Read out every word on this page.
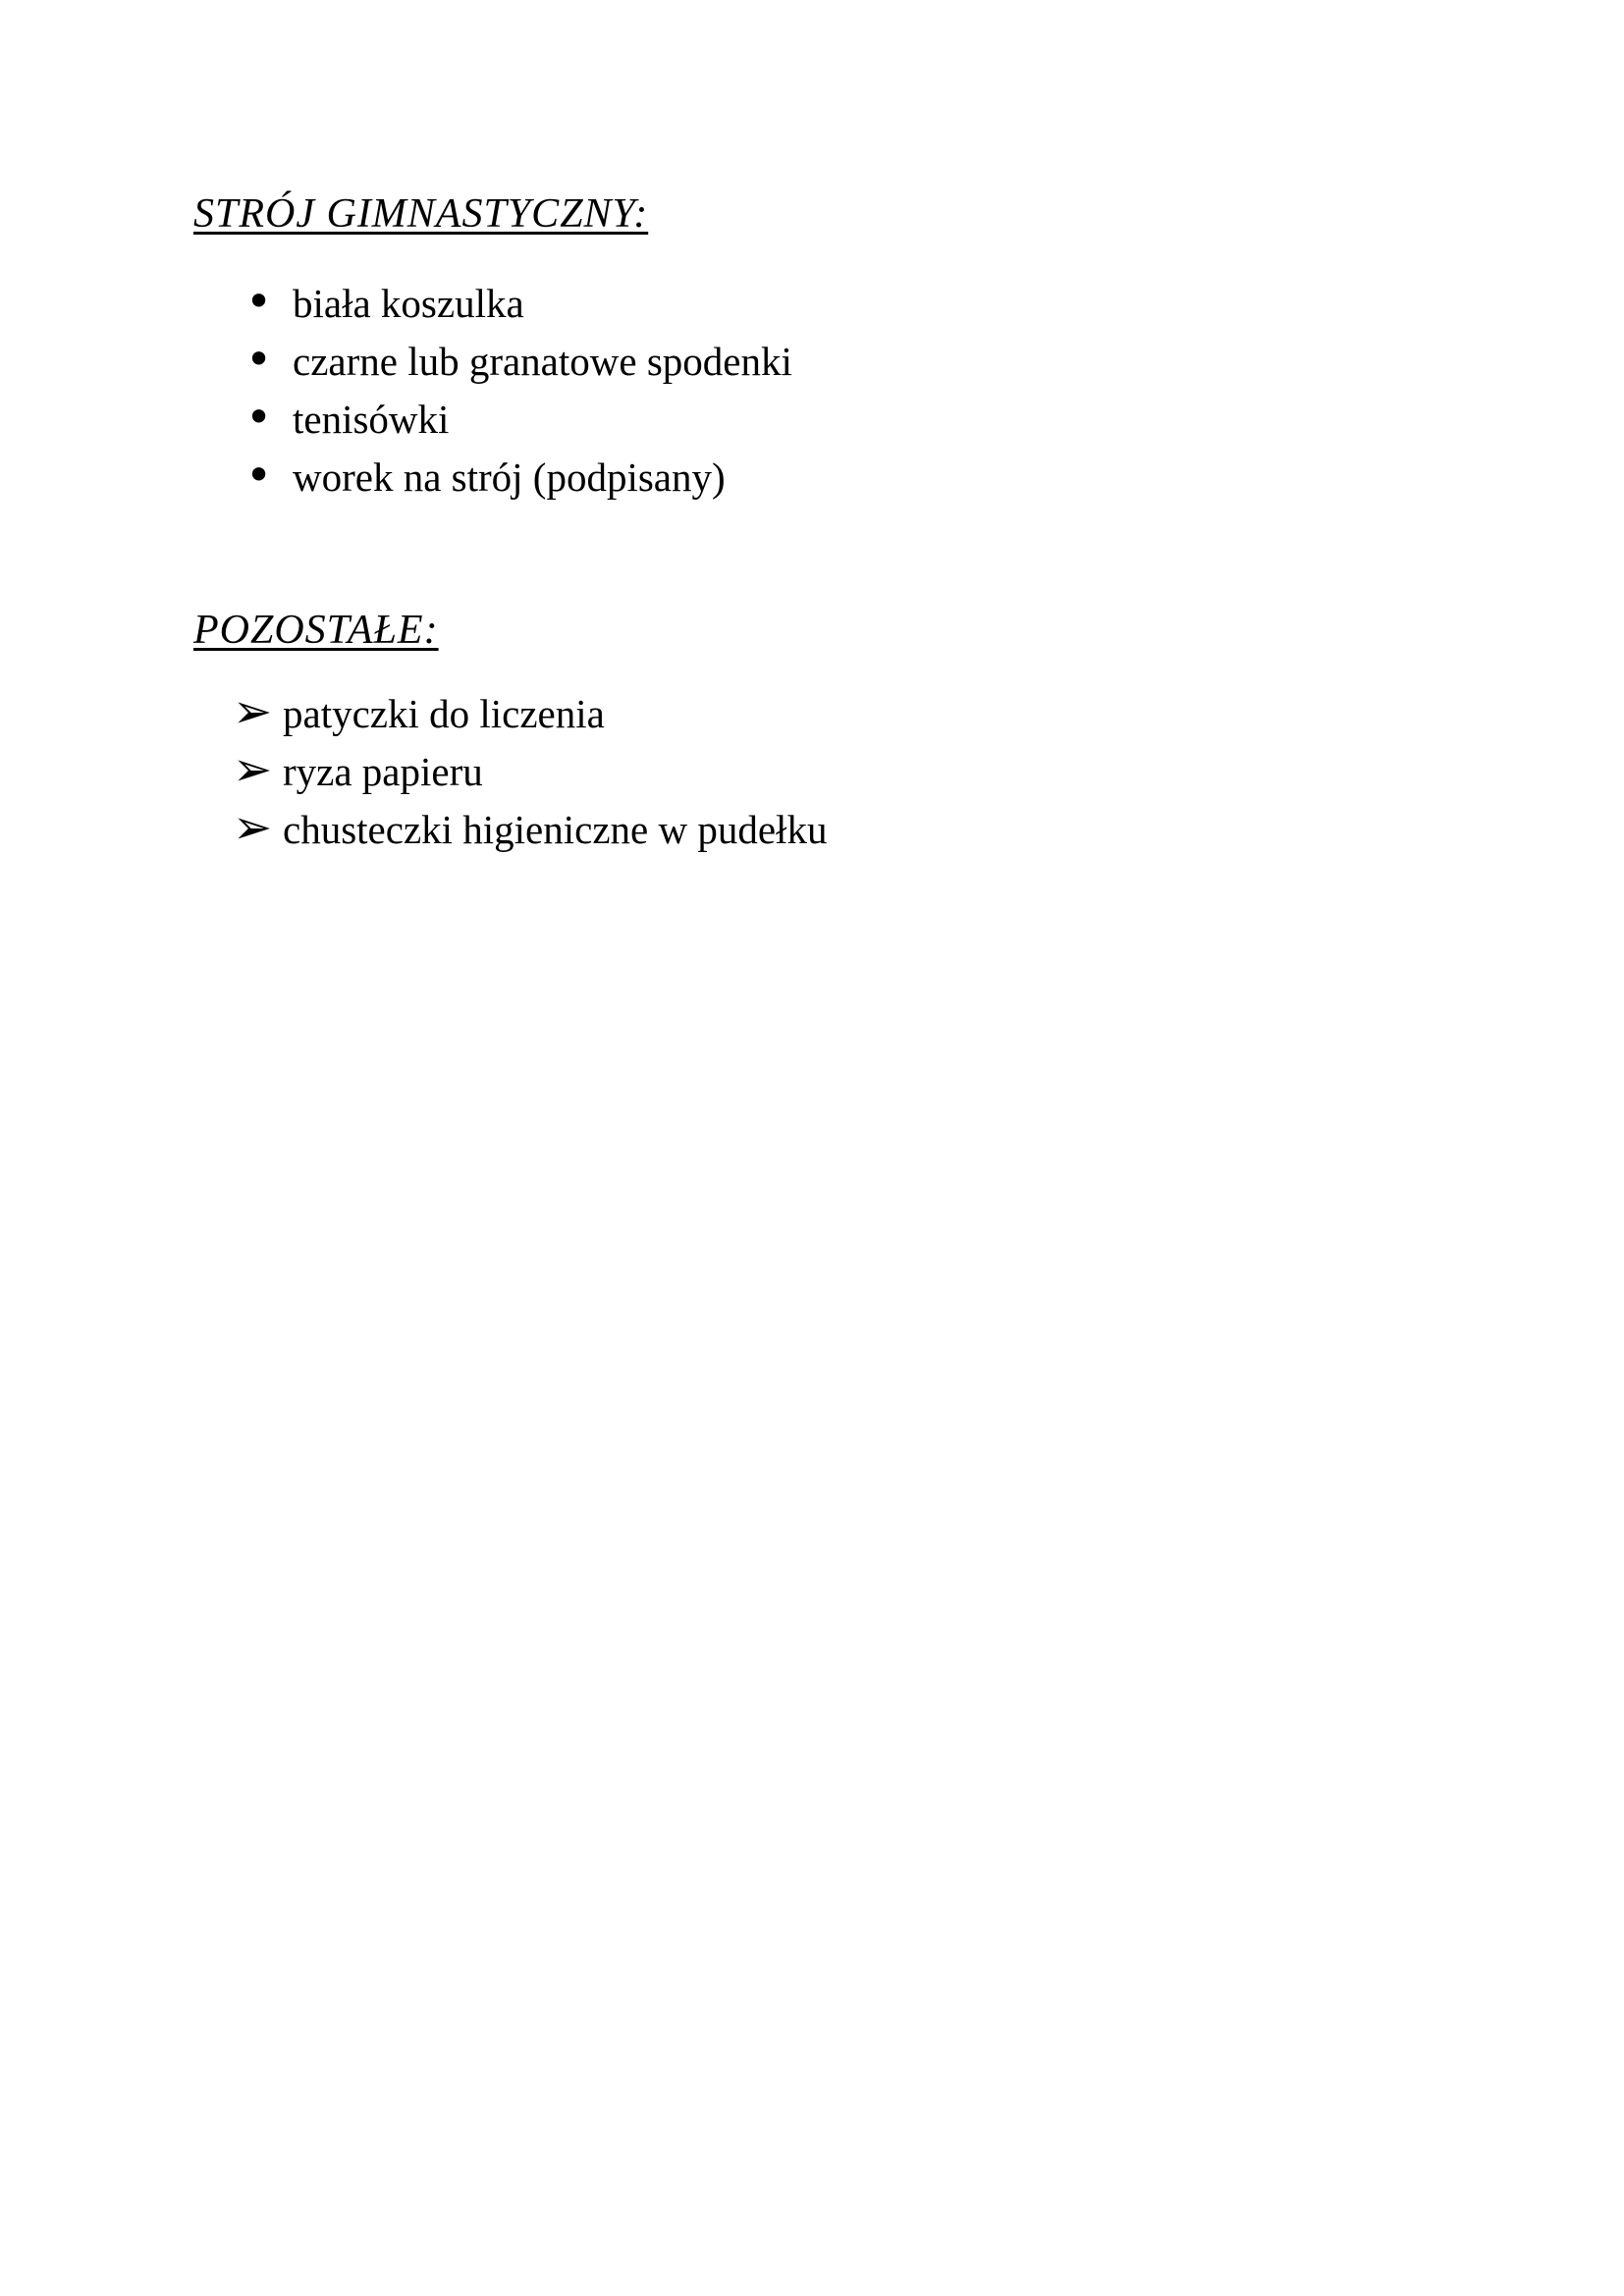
STRÓJ GIMNASTYCZNY:
• biała koszulka
• czarne lub granatowe spodenki
• tenisówki
• worek na strój (podpisany)
POZOSTAŁE:
➢ patyczki do liczenia
➢ ryza papieru
➢ chusteczki higieniczne w pudełku
